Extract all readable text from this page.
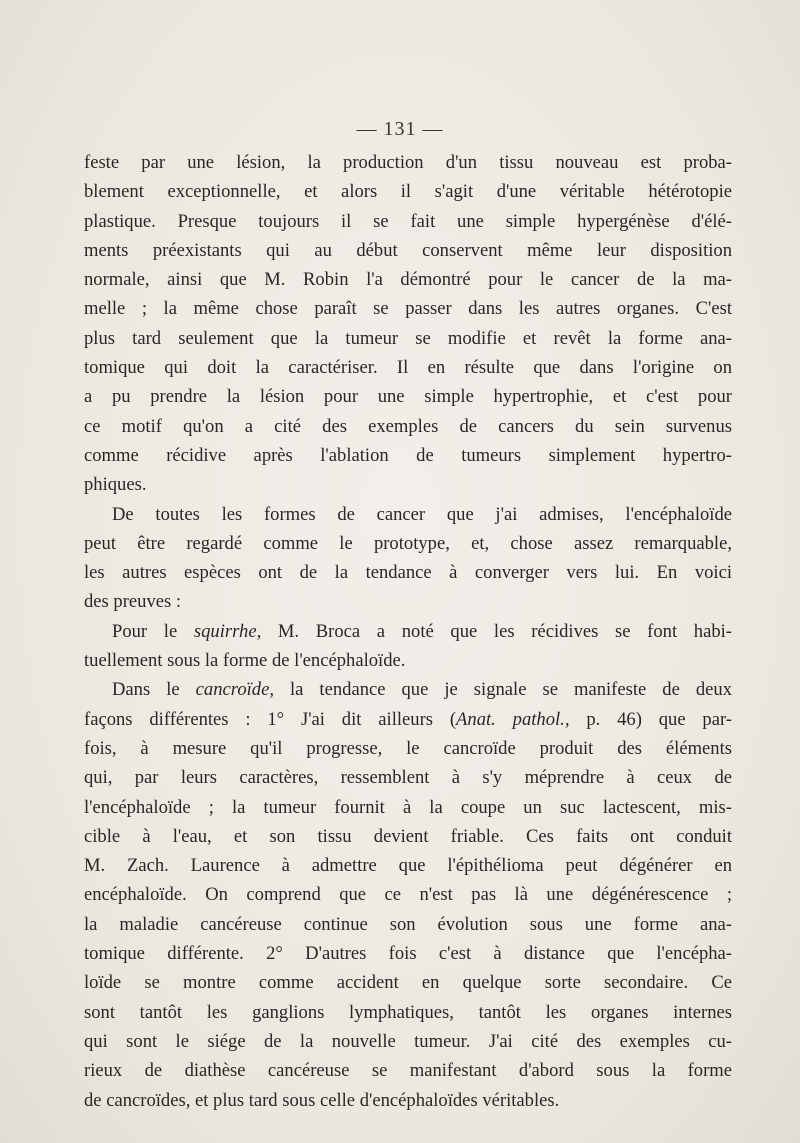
— 131 —
feste par une lésion, la production d'un tissu nouveau est proba-
blement exceptionnelle, et alors il s'agit d'une véritable hétérotopie
plastique. Presque toujours il se fait une simple hypergénèse d'élé-
ments préexistants qui au début conservent même leur disposition
normale, ainsi que M. Robin l'a démontré pour le cancer de la ma-
melle ; la même chose paraît se passer dans les autres organes. C'est
plus tard seulement que la tumeur se modifie et revêt la forme ana-
tomique qui doit la caractériser. Il en résulte que dans l'origine on
a pu prendre la lésion pour une simple hypertrophie, et c'est pour
ce motif qu'on a cité des exemples de cancers du sein survenus
comme récidive après l'ablation de tumeurs simplement hypertro-
phiques.
De toutes les formes de cancer que j'ai admises, l'encéphaloïde
peut être regardé comme le prototype, et, chose assez remarquable,
les autres espèces ont de la tendance à converger vers lui. En voici
des preuves :
Pour le squirrhe, M. Broca a noté que les récidives se font habi-
tuellement sous la forme de l'encéphaloïde.
Dans le cancroïde, la tendance que je signale se manifeste de deux
façons différentes : 1° J'ai dit ailleurs (Anat. pathol., p. 46) que par-
fois, à mesure qu'il progresse, le cancroïde produit des éléments
qui, par leurs caractères, ressemblent à s'y méprendre à ceux de
l'encéphaloïde ; la tumeur fournit à la coupe un suc lactescent, mis-
cible à l'eau, et son tissu devient friable. Ces faits ont conduit
M. Zach. Laurence à admettre que l'épithélioma peut dégénérer en
encéphaloïde. On comprend que ce n'est pas là une dégénérescence ;
la maladie cancéreuse continue son évolution sous une forme ana-
tomique différente. 2° D'autres fois c'est à distance que l'encépha-
loïde se montre comme accident en quelque sorte secondaire. Ce
sont tantôt les ganglions lymphatiques, tantôt les organes internes
qui sont le siége de la nouvelle tumeur. J'ai cité des exemples cu-
rieux de diathèse cancéreuse se manifestant d'abord sous la forme
de cancroïdes, et plus tard sous celle d'encéphaloïdes véritables.
